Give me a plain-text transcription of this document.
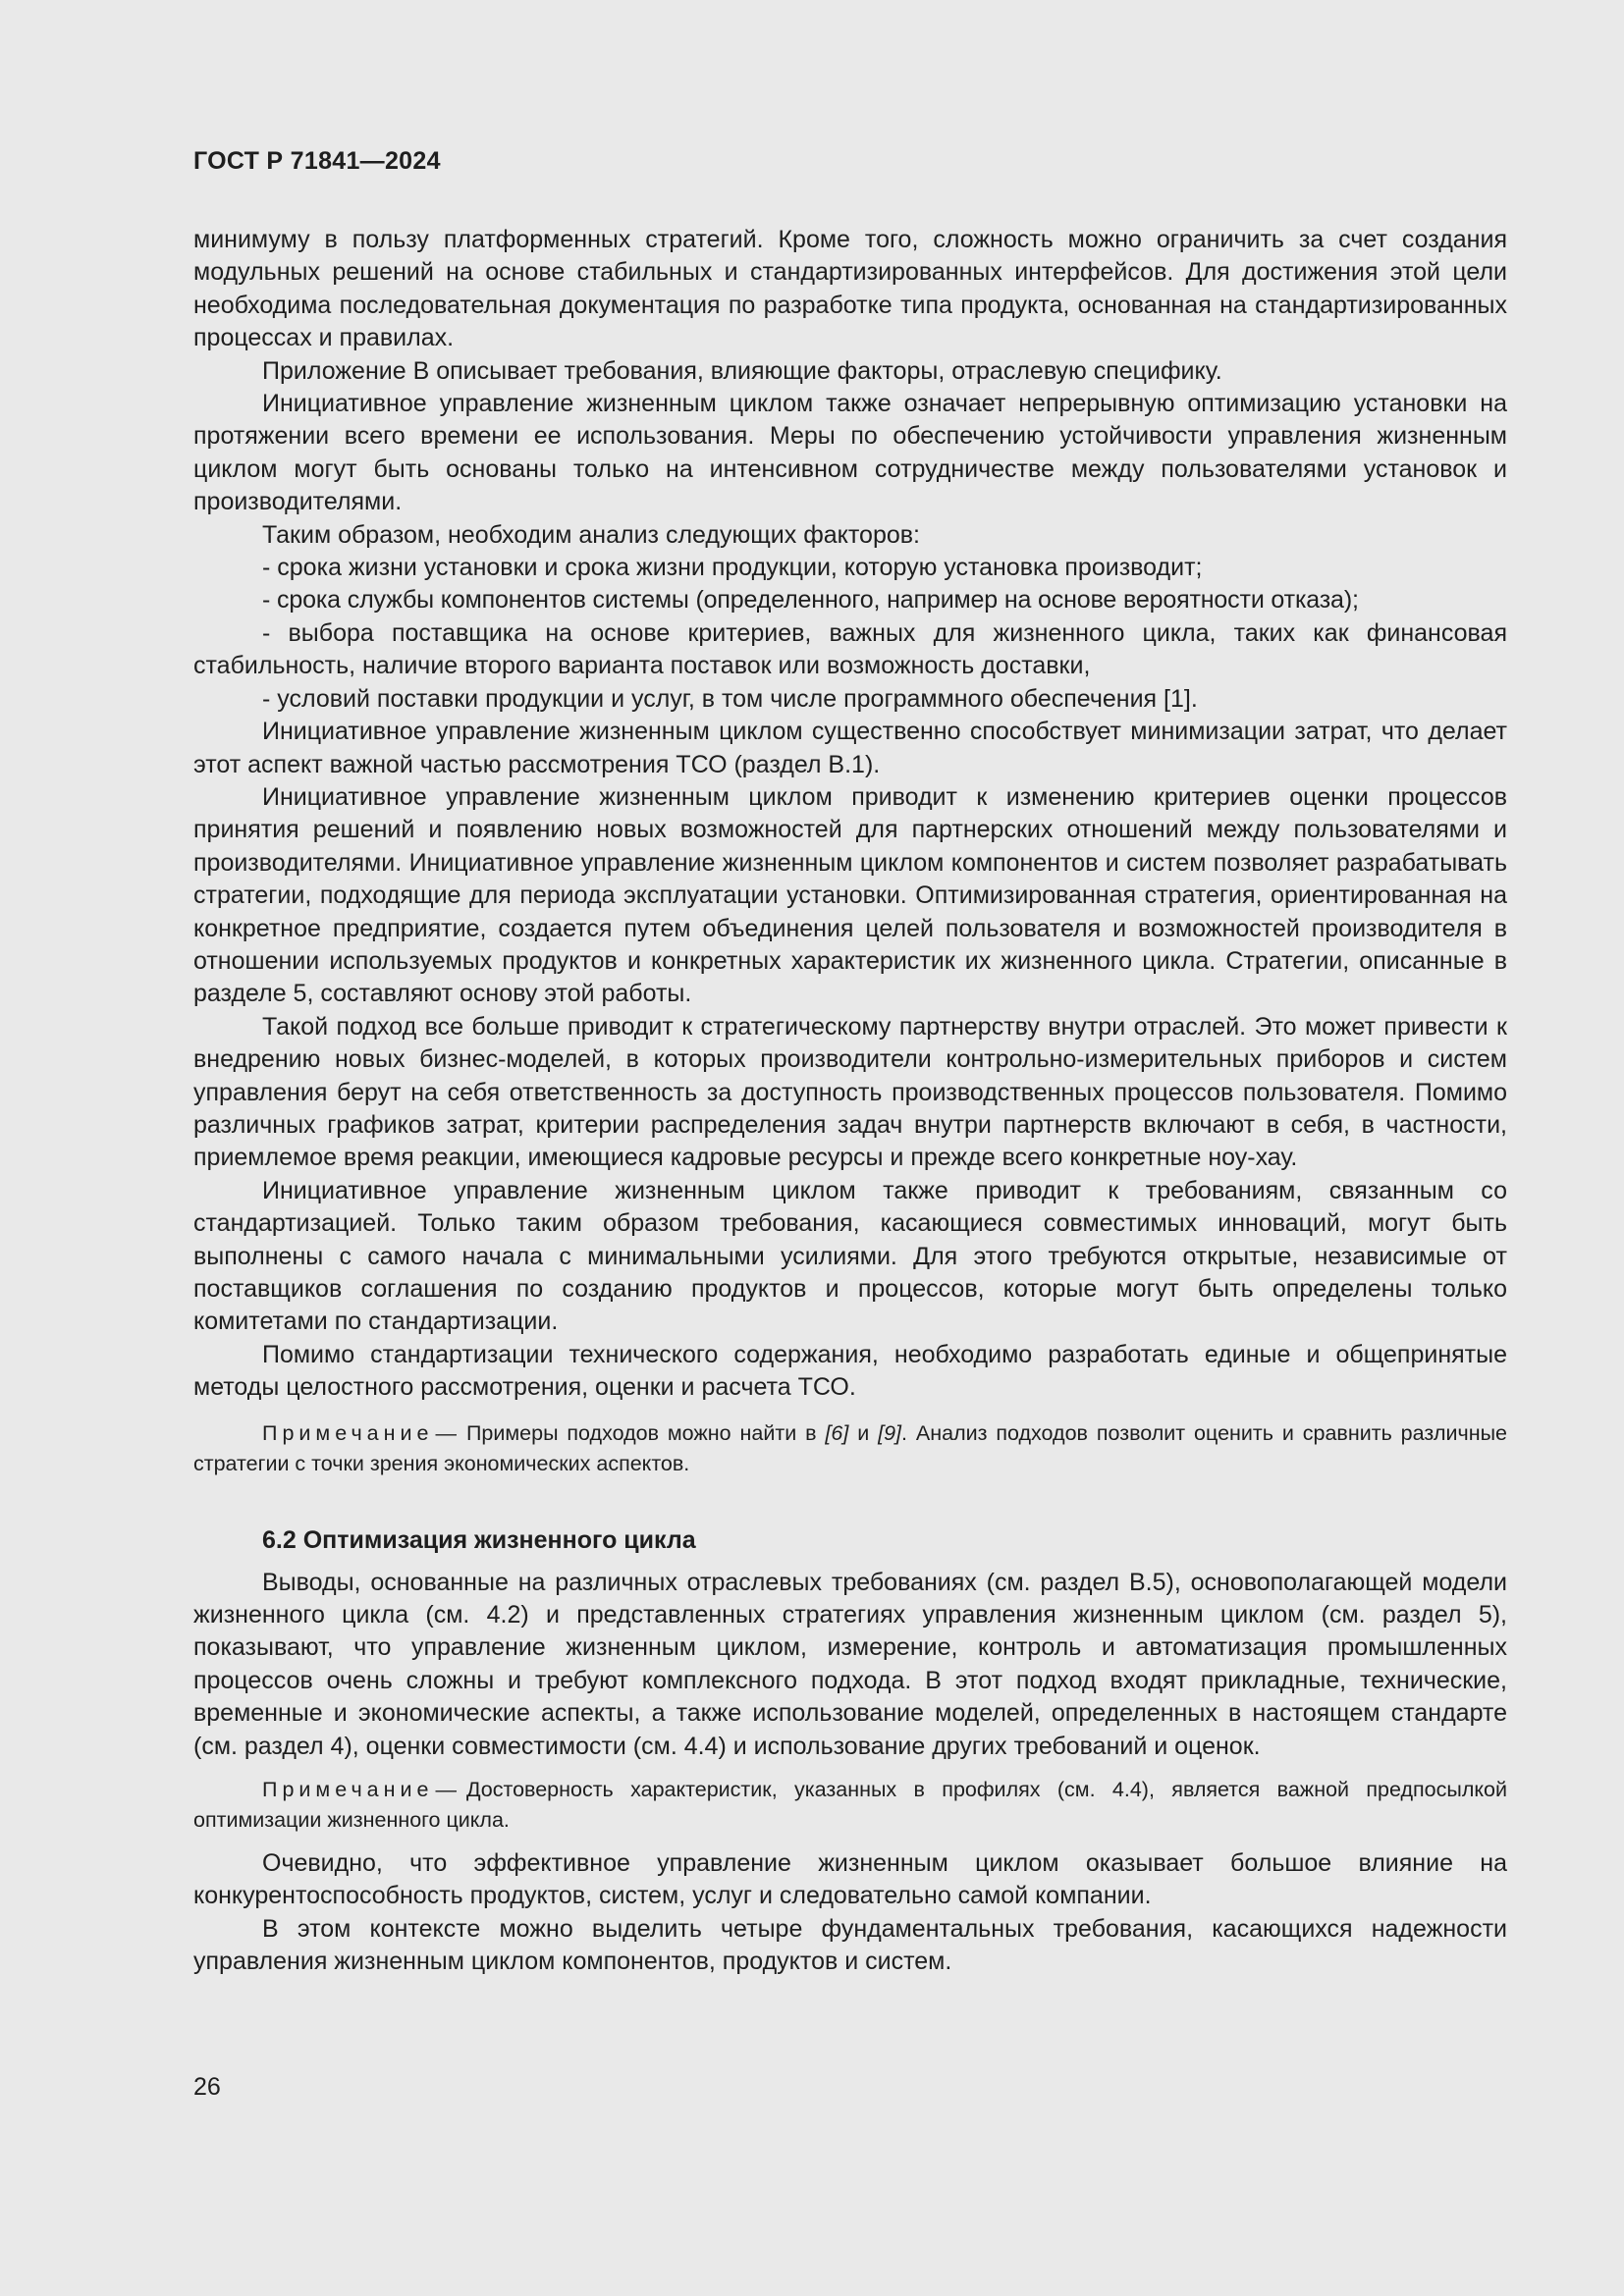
ГОСТ Р 71841—2024

минимуму в пользу платформенных стратегий. Кроме того, сложность можно ограничить за счет создания модульных решений на основе стабильных и стандартизированных интерфейсов. Для достижения этой цели необходима последовательная документация по разработке типа продукта, основанная на стандартизированных процессах и правилах.

Приложение В описывает требования, влияющие факторы, отраслевую специфику.

Инициативное управление жизненным циклом также означает непрерывную оптимизацию установки на протяжении всего времени ее использования. Меры по обеспечению устойчивости управления жизненным циклом могут быть основаны только на интенсивном сотрудничестве между пользователями установок и производителями.

Таким образом, необходим анализ следующих факторов:

- срока жизни установки и срока жизни продукции, которую установка производит;

- срока службы компонентов системы (определенного, например на основе вероятности отказа);

- выбора поставщика на основе критериев, важных для жизненного цикла, таких как финансовая стабильность, наличие второго варианта поставок или возможность доставки,

- условий поставки продукции и услуг, в том числе программного обеспечения [1].

Инициативное управление жизненным циклом существенно способствует минимизации затрат, что делает этот аспект важной частью рассмотрения ТСО (раздел В.1).

Инициативное управление жизненным циклом приводит к изменению критериев оценки процессов принятия решений и появлению новых возможностей для партнерских отношений между пользователями и производителями. Инициативное управление жизненным циклом компонентов и систем позволяет разрабатывать стратегии, подходящие для периода эксплуатации установки. Оптимизированная стратегия, ориентированная на конкретное предприятие, создается путем объединения целей пользователя и возможностей производителя в отношении используемых продуктов и конкретных характеристик их жизненного цикла. Стратегии, описанные в разделе 5, составляют основу этой работы.

Такой подход все больше приводит к стратегическому партнерству внутри отраслей. Это может привести к внедрению новых бизнес-моделей, в которых производители контрольно-измерительных приборов и систем управления берут на себя ответственность за доступность производственных процессов пользователя. Помимо различных графиков затрат, критерии распределения задач внутри партнерств включают в себя, в частности, приемлемое время реакции, имеющиеся кадровые ресурсы и прежде всего конкретные ноу-хау.

Инициативное управление жизненным циклом также приводит к требованиям, связанным со стандартизацией. Только таким образом требования, касающиеся совместимых инноваций, могут быть выполнены с самого начала с минимальными усилиями. Для этого требуются открытые, независимые от поставщиков соглашения по созданию продуктов и процессов, которые могут быть определены только комитетами по стандартизации.

Помимо стандартизации технического содержания, необходимо разработать единые и общепринятые методы целостного рассмотрения, оценки и расчета ТСО.

Примечание— Примеры подходов можно найти в [6] и [9]. Анализ подходов позволит оценить и сравнить различные стратегии с точки зрения экономических аспектов.

6.2 Оптимизация жизненного цикла

Выводы, основанные на различных отраслевых требованиях (см. раздел В.5), основополагающей модели жизненного цикла (см. 4.2) и представленных стратегиях управления жизненным циклом (см. раздел 5), показывают, что управление жизненным циклом, измерение, контроль и автоматизация промышленных процессов очень сложны и требуют комплексного подхода. В этот подход входят прикладные, технические, временные и экономические аспекты, а также использование моделей, определенных в настоящем стандарте (см. раздел 4), оценки совместимости (см. 4.4) и использование других требований и оценок.

Примечание— Достоверность характеристик, указанных в профилях (см. 4.4), является важной предпосылкой оптимизации жизненного цикла.

Очевидно, что эффективное управление жизненным циклом оказывает большое влияние на конкурентоспособность продуктов, систем, услуг и следовательно самой компании.

В этом контексте можно выделить четыре фундаментальных требования, касающихся надежности управления жизненным циклом компонентов, продуктов и систем.

26
